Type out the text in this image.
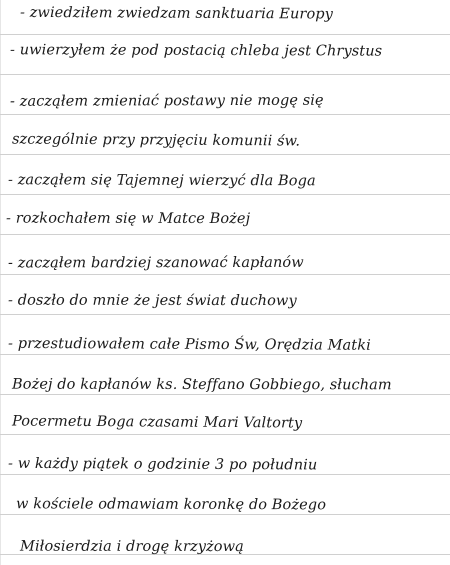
- zwiedziłem zwiedzam sanktuaria Europy
- uwierzyłem że pod postacią chleba jest Chrystus
- zacząłem zmieniać postawy nie mogę się
szczególnie przy przyjęciu komunii św.
- zacząłem się Tajemnej wierzyć dla Boga
- rozkochałem się w Matce Bożej
- zacząłem bardziej szanować kapłanów
- doszło do mnie że jest świat duchowy
- przestudiowałem całe Pismo Św, Orędzia Matki
Bożej do kapłanów ks. Steffano Gobbiego, słucham
Pocermetu Boga czasami Mari Valtorty
- w każdy piątek o godzinie 3 po południu
w kościele odmawiam koronkę do Bożego
Miłosierdzia i drogę krzyżową
